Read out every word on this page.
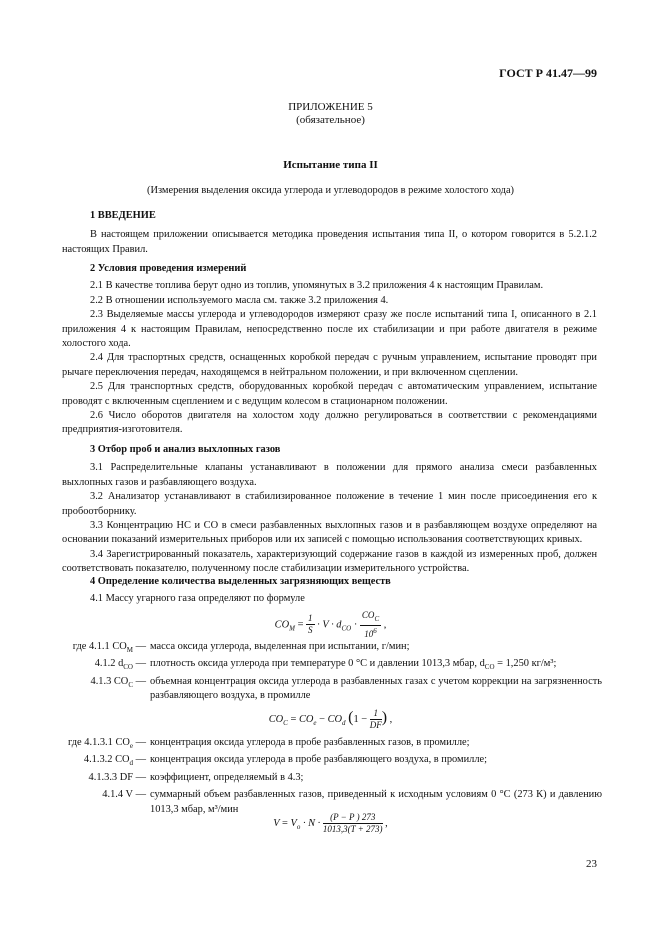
ГОСТ Р 41.47—99
ПРИЛОЖЕНИЕ 5
(обязательное)
Испытание типа II
(Измерения выделения оксида углерода и углеводородов в режиме холостого хода)

1 ВВЕДЕНИЕ

В настоящем приложении описывается методика проведения испытания типа II, о котором говорится в 5.2.1.2 настоящих Правил.

2 Условия проведения измерений

2.1 В качестве топлива берут одно из топлив, упомянутых в 3.2 приложения 4 к настоящим Правилам.

2.2 В отношении используемого масла см. также 3.2 приложения 4.

2.3 Выделяемые массы углерода и углеводородов измеряют сразу же после испытаний типа I, описанного в 2.1 приложения 4 к настоящим Правилам, непосредственно после их стабилизации и при работе двигателя в режиме холостого хода.

2.4 Для траспортных средств, оснащенных коробкой передач с ручным управлением, испытание проводят при рычаге переключения передач, находящемся в нейтральном положении, и при включенном сцеплении.

2.5 Для транспортных средств, оборудованных коробкой передач с автоматическим управлением, испытание проводят с включенным сцеплением и с ведущим колесом в стационарном положении.

2.6 Число оборотов двигателя на холостом ходу должно регулироваться в соответствии с рекомендациями предприятия-изготовителя.

3 Отбор проб и анализ выхлопных газов

3.1 Распределительные клапаны устанавливают в положении для прямого анализа смеси разбавленных выхлопных газов и разбавляющего воздуха.

3.2 Анализатор устанавливают в стабилизированное положение в течение 1 мин после присоединения его к пробоотборнику.

3.3 Концентрацию НС и СО в смеси разбавленных выхлопных газов и в разбавляющем воздухе определяют на основании показаний измерительных приборов или их записей с помощью использования соответствующих кривых.

3.4 Зарегистрированный показатель, характеризующий содержание газов в каждой из измеренных проб, должен соответствовать показателю, полученному после стабилизации измерительного устройства.

4 Определение количества выделенных загрязняющих веществ

4.1 Массу угарного газа определяют по формуле

$CO_M = \frac{1}{S} \cdot V \cdot d_{CO} \cdot \frac{CO_C}{10^6}$ ,
где 4.1.1 $CO_M$ — масса оксида углерода, выделенная при испытании, г/мин;
4.1.2 $d_{CO}$ — плотность оксида углерода при температуре 0 °С и давлении 1013,3 мбар, $d_{CO} = 1,250$ кг/м³;
4.1.3 $CO_C$ — объемная концентрация оксида углерода в разбавленных газах с учетом коррекции на загрязненность разбавляющего воздуха, в промилле
$CO_C = CO_e - CO_d$ ($1 - \frac{1}{DF}$ ) ,
где 4.1.3.1 $CO_e$ — концентрация оксида углерода в пробе разбавленных газов, в промилле;
4.1.3.2 $CO_d$ — концентрация оксида углерода в пробе разбавляющего воздуха, в промилле;
4.1.3.3 DF — коэффициент, определяемый в 4.3;
4.1.4 V — суммарный объем разбавленных газов, приведенный к исходным условиям 0 °С (273 К) и давлению 1013,3 мбар, м³/мин
$V = V_o \cdot N \cdot \frac{(P - P ) 273}{1013,3(T + 273)}$ ,
23
